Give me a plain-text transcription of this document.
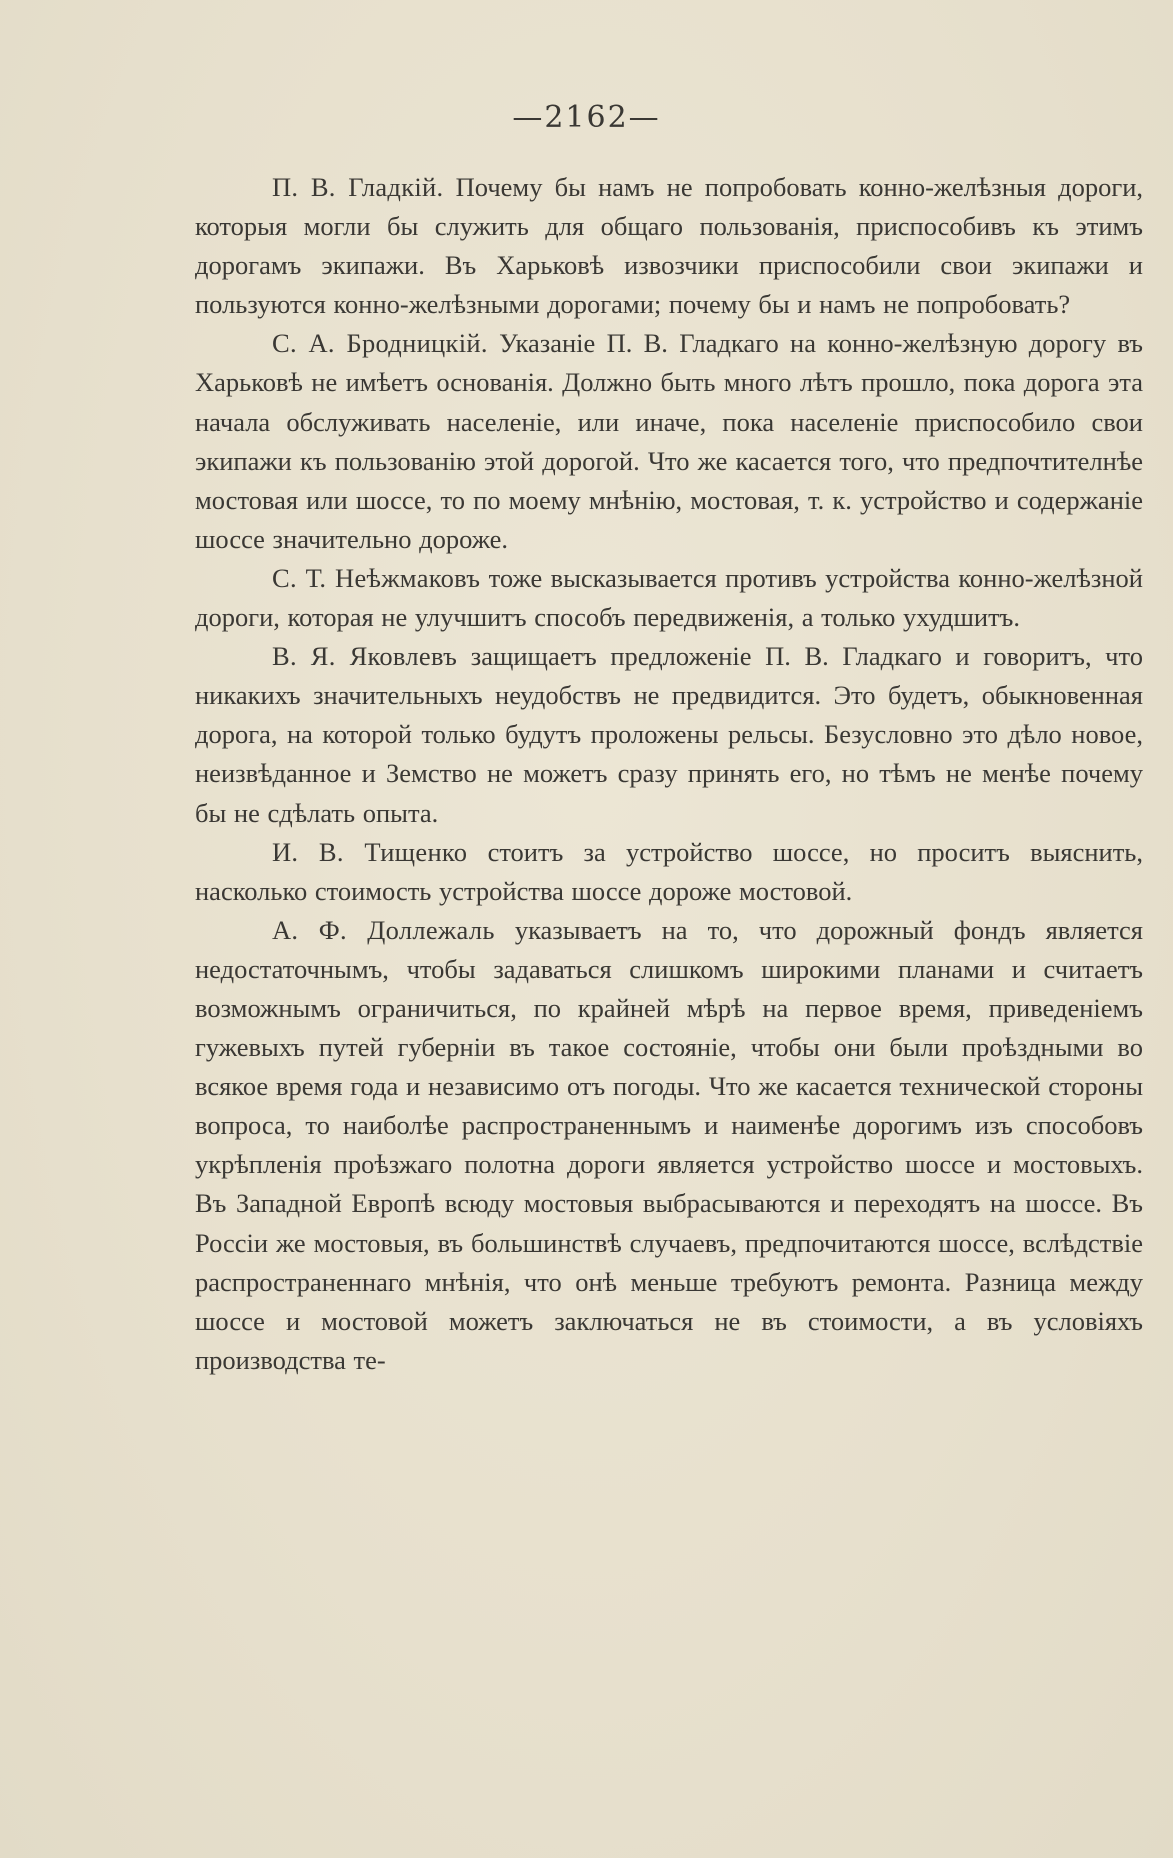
—2162—

П. В. Гладкій. Почему бы намъ не попробовать конно-желѣзныя дороги, которыя могли бы служить для общаго пользованія, приспособивъ къ этимъ дорогамъ экипажи. Въ Харьковѣ извозчики приспособили свои экипажи и пользуются конно-желѣзными дорогами; почему бы и намъ не попробовать?

С. А. Бродницкій. Указаніе П. В. Гладкаго на конно-желѣзную дорогу въ Харьковѣ не имѣетъ основанія. Должно быть много лѣтъ прошло, пока дорога эта начала обслуживать населеніе, или иначе, пока населеніе приспособило свои экипажи къ пользованію этой дорогой. Что же касается того, что предпочтителнѣе мостовая или шоссе, то по моему мнѣнію, мостовая, т. к. устройство и содержаніе шоссе значительно дороже.

С. Т. Неѣжмаковъ тоже высказывается противъ устройства конно-желѣзной дороги, которая не улучшитъ способъ передвиженія, а только ухудшитъ.

В. Я. Яковлевъ защищаетъ предложеніе П. В. Гладкаго и говоритъ, что никакихъ значительныхъ неудобствъ не предвидится. Это будетъ, обыкновенная дорога, на которой только будутъ проложены рельсы. Безусловно это дѣло новое, неизвѣданное и Земство не можетъ сразу принять его, но тѣмъ не менѣе почему бы не сдѣлать опыта.

И. В. Тищенко стоитъ за устройство шоссе, но проситъ выяснить, насколько стоимость устройства шоссе дороже мостовой.

А. Ф. Доллежаль указываетъ на то, что дорожный фондъ является недостаточнымъ, чтобы задаваться слишкомъ широкими планами и считаетъ возможнымъ ограничиться, по крайней мѣрѣ на первое время, приведеніемъ гужевыхъ путей губерніи въ такое состояніе, чтобы они были проѣздными во всякое время года и независимо отъ погоды. Что же касается технической стороны вопроса, то наиболѣе распространеннымъ и наименѣе дорогимъ изъ способовъ укрѣпленія проѣзжаго полотна дороги является устройство шоссе и мостовыхъ. Въ Западной Европѣ всюду мостовыя выбрасываются и переходятъ на шоссе. Въ Россіи же мостовыя, въ большинствѣ случаевъ, предпочитаются шоссе, вслѣдствіе распространеннаго мнѣнія, что онѣ меньше требуютъ ремонта. Разница между шоссе и мостовой можетъ заключаться не въ стоимости, а въ условіяхъ производства те-
